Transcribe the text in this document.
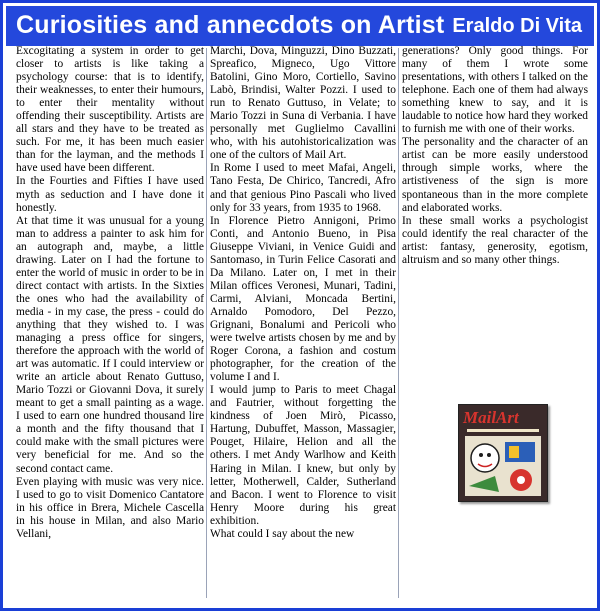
Curiosities and annecdots on Artist Eraldo Di Vita

Excogitating a system in order to get closer to artists is like taking a psychology course: that is to identify, their weaknesses, to enter their humours, to enter their mentality without offending their susceptibility. Artists are all stars and they have to be treated as such. For me, it has been much easier than for the layman, and the methods I have used have been different.

In the Fourties and Fifties I have used myth as seduction and I have done it honestly.

At that time it was unusual for a young man to address a painter to ask him for an autograph and, maybe, a little drawing. Later on I had the fortune to enter the world of music in order to be in direct contact with artists. In the Sixties the ones who had the availability of media - in my case, the press - could do anything that they wished to. I was managing a press office for singers, therefore the approach with the world of art was automatic. If I could interview or write an article about Renato Guttuso, Mario Tozzi or Giovanni Dova, it surely meant to get a small painting as a wage. I used to earn one hundred thousand lire a month and the fifty thousand that I could make with the small pictures were very beneficial for me. And so the second contact came.

Even playing with music was very nice. I used to go to visit Domenico Cantatore in his office in Brera, Michele Cascella in his house in Milan, and also Mario Vellani,

Marchi, Dova, Minguzzi, Dino Buzzati, Spreafico, Migneco, Ugo Vittore Batolini, Gino Moro, Cortiello, Savino Labò, Brindisi, Walter Pozzi. I used to run to Renato Guttuso, in Velate; to Mario Tozzi in Suna di Verbania. I have personally met Guglielmo Cavallini who, with his autohistoricalization was one of the cultors of Mail Art.

In Rome I used to meet Mafai, Angeli, Tano Festa, De Chirico, Tancredi, Afro and that genious Pino Pascali who lived only for 33 years, from 1935 to 1968.

In Florence Pietro Annigoni, Primo Conti, and Antonio Bueno, in Pisa Giuseppe Viviani, in Venice Guidi and Santomaso, in Turin Felice Casorati and Da Milano. Later on, I met in their Milan offices Veronesi, Munari, Tadini, Carmi, Alviani, Moncada Bertini, Arnaldo Pomodoro, Del Pezzo, Grignani, Bonalumi and Pericoli who were twelve artists chosen by me and by Roger Corona, a fashion and costum photographer, for the creation of the volume I and I.

I would jump to Paris to meet Chagal and Fautrier, without forgetting the kindness of Joen Mirò, Picasso, Hartung, Dubuffet, Masson, Massagier, Pouget, Hilaire, Helion and all the others. I met Andy Warlhow and Keith Haring in Milan. I knew, but only by letter, Motherwell, Calder, Sutherland and Bacon. I went to Florence to visit Henry Moore during his great exhibition.

What could I say about the new

generations? Only good things. For many of them I wrote some presentations, with others I talked on the telephone. Each one of them had always something knew to say, and it is laudable to notice how hard they worked to furnish me with one of their works.

The personality and the character of an artist can be more easily understood through simple works, where the artistiveness of the sign is more spontaneous than in the more complete and elaborated works.

In these small works a psychologist could identify the real character of the artist: fantasy, generosity, egotism, altruism and so many other things.

MailArt
